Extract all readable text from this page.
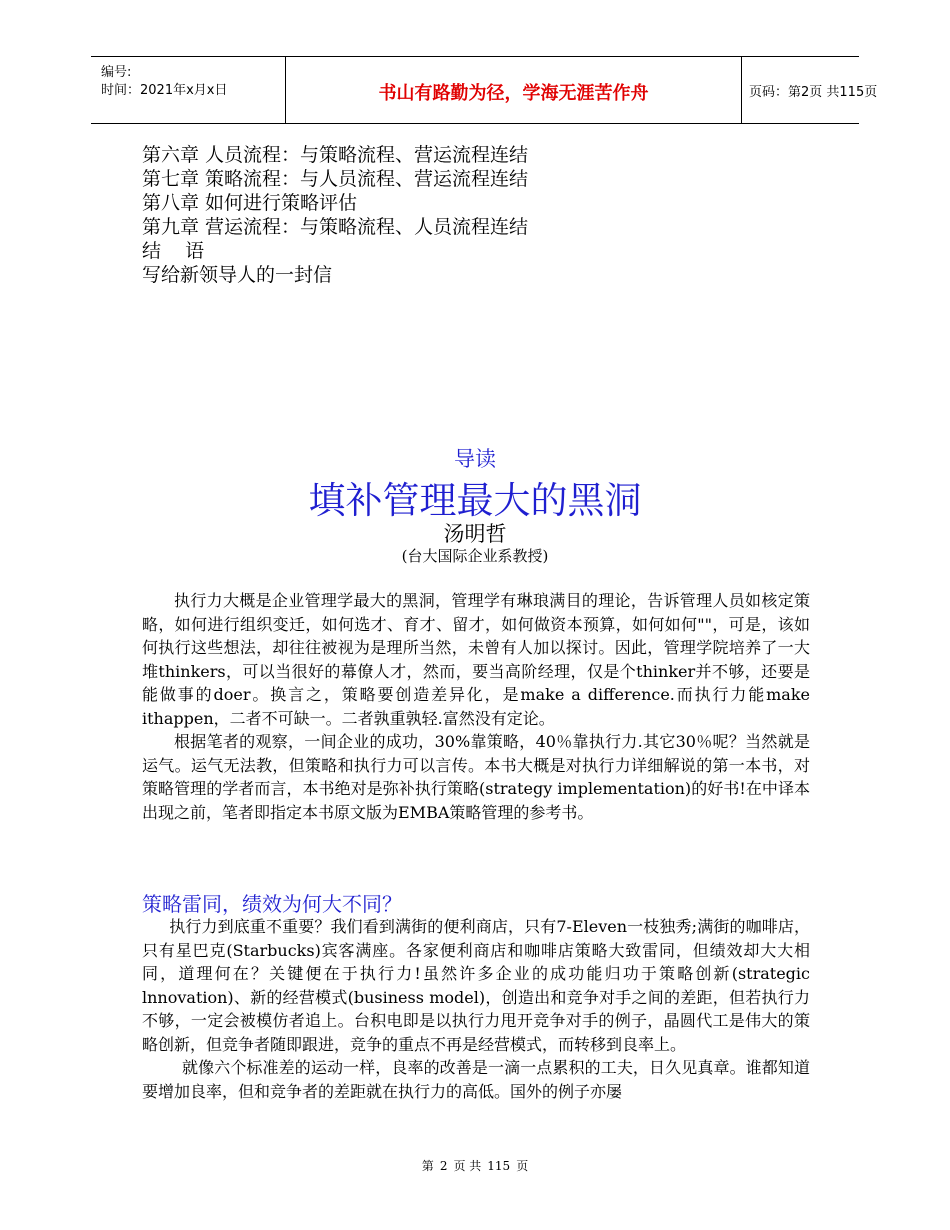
编号:
时间：2021年x月x日	书山有路勤为径，学海无涯苦作舟	页码：第2页 共115页
第六章 人员流程：与策略流程、营运流程连结
第七章 策略流程：与人员流程、营运流程连结
第八章 如何进行策略评估
第九章 营运流程：与策略流程、人员流程连结
结    语
写给新领导人的一封信
导读
填补管理最大的黑洞
汤明哲
(台大国际企业系教授)

执行力大概是企业管理学最大的黑洞，管理学有琳琅满目的理论，告诉管理人员如核定策略，如何进行组织变迁，如何选才、育才、留才，如何做资本预算，如何如何""，可是，该如何执行这些想法，却往往被视为是理所当然，未曾有人加以探讨。因此，管理学院培养了一大堆thinkers，可以当很好的幕僚人才，然而，要当高阶经理，仅是个thinker并不够，还要是能做事的doer。换言之，策略要创造差异化，是make a difference.而执行力能make ithappen，二者不可缺一。二者孰重孰轻.富然没有定论。

根据笔者的观察，一间企业的成功，30%靠策略，40％靠执行力.其它30％呢？当然就是运气。运气无法教，但策略和执行力可以言传。本书大概是对执行力详细解说的第一本书，对策略管理的学者而言，本书绝对是弥补执行策略(strategy implementation)的好书!在中译本出现之前，笔者即指定本书原文版为EMBA策略管理的参考书。

策略雷同，绩效为何大不同？

执行力到底重不重要？我们看到满街的便利商店，只有7-Eleven一枝独秀;满街的咖啡店，只有星巴克(Starbucks)宾客满座。各家便利商店和咖啡店策略大致雷同，但绩效却大大相同，道理何在？关键便在于执行力!虽然许多企业的成功能归功于策略创新(strategic lnnovation)、新的经营模式(business model)，创造出和竞争对手之间的差距，但若执行力不够，一定会被模仿者追上。台积电即是以执行力甩开竞争对手的例子，晶圆代工是伟大的策略创新，但竞争者随即跟进，竞争的重点不再是经营模式，而转移到良率上。

就像六个标准差的运动一样，良率的改善是一滴一点累积的工夫，日久见真章。谁都知道要增加良率，但和竞争者的差距就在执行力的高低。国外的例子亦屡

第 2 页 共 115 页
